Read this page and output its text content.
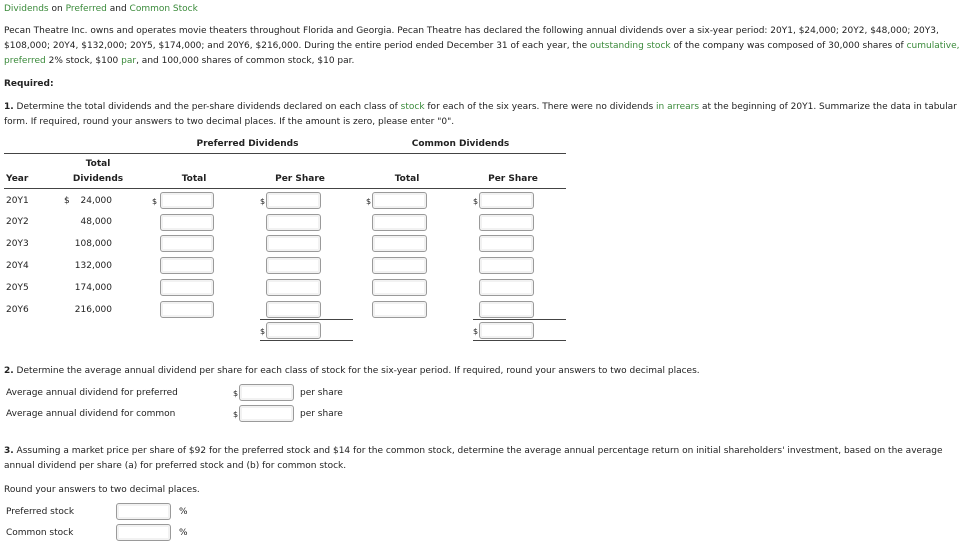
Dividends on Preferred and Common Stock
Pecan Theatre Inc. owns and operates movie theaters throughout Florida and Georgia. Pecan Theatre has declared the following annual dividends over a six-year period: 20Y1, $24,000; 20Y2, $48,000; 20Y3, $108,000; 20Y4, $132,000; 20Y5, $174,000; and 20Y6, $216,000. During the entire period ended December 31 of each year, the outstanding stock of the company was composed of 30,000 shares of cumulative, preferred 2% stock, $100 par, and 100,000 shares of common stock, $10 par.
Required:
1. Determine the total dividends and the per-share dividends declared on each class of stock for each of the six years. There were no dividends in arrears at the beginning of 20Y1. Summarize the data in tabular form. If required, round your answers to two decimal places. If the amount is zero, please enter "0".
Preferred Dividends	Common Dividends
Total
Dividends
Year	Total	Per Share	Total	Per Share
20Y1	$	24,000	$	$	$	$
20Y2	48,000
20Y3	108,000
20Y4	132,000
20Y5	174,000
20Y6	216,000
$	$
2. Determine the average annual dividend per share for each class of stock for the six-year period. If required, round your answers to two decimal places.
Average annual dividend for preferred	$	per share
Average annual dividend for common	$	per share
3. Assuming a market price per share of $92 for the preferred stock and $14 for the common stock, determine the average annual percentage return on initial shareholders' investment, based on the average annual dividend per share (a) for preferred stock and (b) for common stock.
Round your answers to two decimal places.
Preferred stock	%
Common stock	%
